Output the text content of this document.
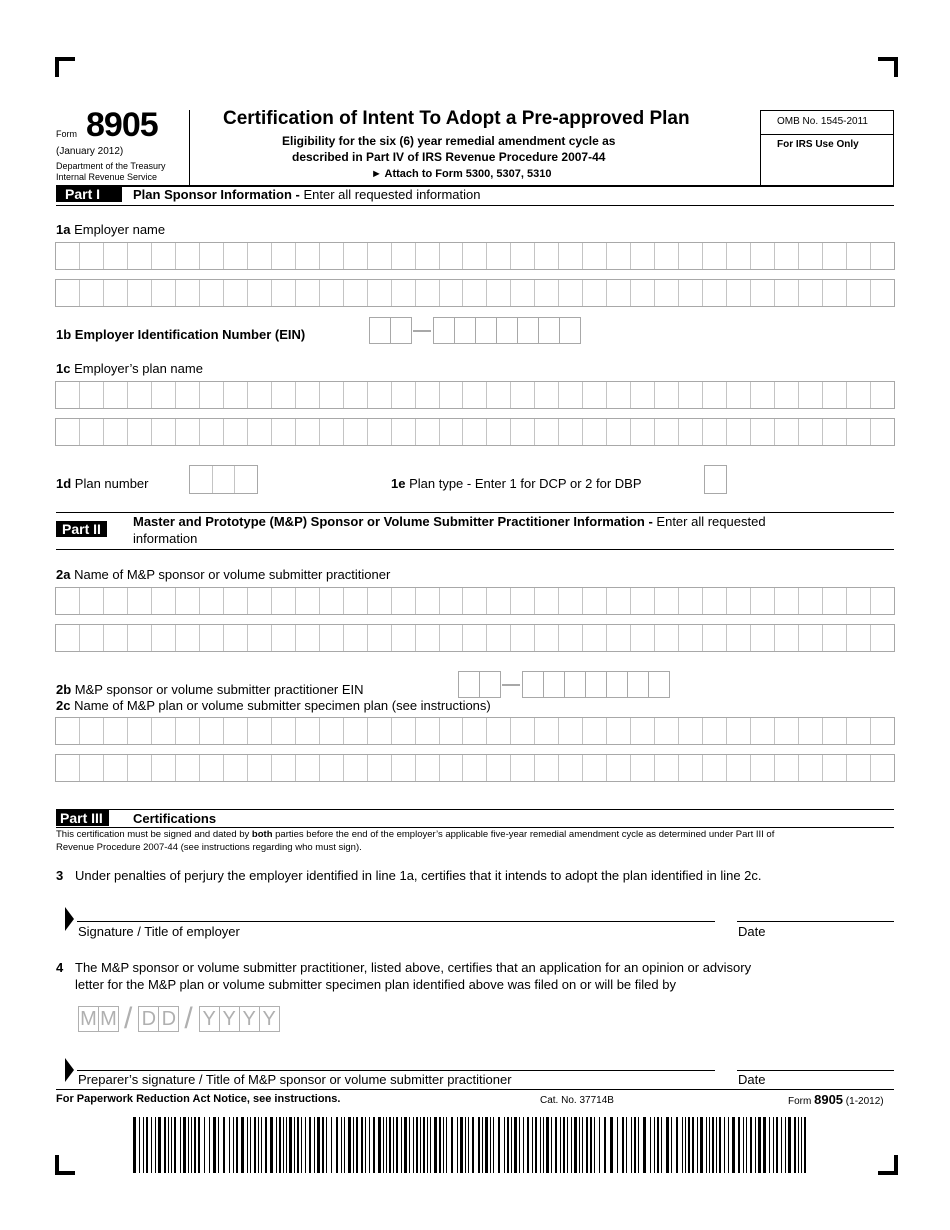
Form 8905
(January 2012)
Department of the Treasury
Internal Revenue Service
Certification of Intent To Adopt a Pre-approved Plan
Eligibility for the six (6) year remedial amendment cycle as
described in Part IV of IRS Revenue Procedure 2007-44
► Attach to Form 5300, 5307, 5310
OMB No. 1545-2011
For IRS Use Only
Part I	Plan Sponsor Information - Enter all requested information
1a Employer name
1b Employer Identification Number (EIN)
1c Employer’s plan name
1d Plan number	1e Plan type - Enter 1 for DCP or 2 for DBP
Part II	Master and Prototype (M&P) Sponsor or Volume Submitter Practitioner Information - Enter all requested
information
2a Name of M&P sponsor or volume submitter practitioner
2b M&P sponsor or volume submitter practitioner EIN
2c Name of M&P plan or volume submitter specimen plan (see instructions)
Part III	Certifications
This certification must be signed and dated by both parties before the end of the employer’s applicable five-year remedial amendment cycle as determined under Part III of
Revenue Procedure 2007-44 (see instructions regarding who must sign).
3 Under penalties of perjury the employer identified in line 1a, certifies that it intends to adopt the plan identified in line 2c.
Signature / Title of employer	Date
4 The M&P sponsor or volume submitter practitioner, listed above, certifies that an application for an opinion or advisory
letter for the M&P plan or volume submitter specimen plan identified above was filed on or will be filed by
M M / D D / Y Y Y Y
Preparer’s signature / Title of M&P sponsor or volume submitter practitioner	Date
For Paperwork Reduction Act Notice, see instructions.	Cat. No. 37714B	Form 8905 (1-2012)
